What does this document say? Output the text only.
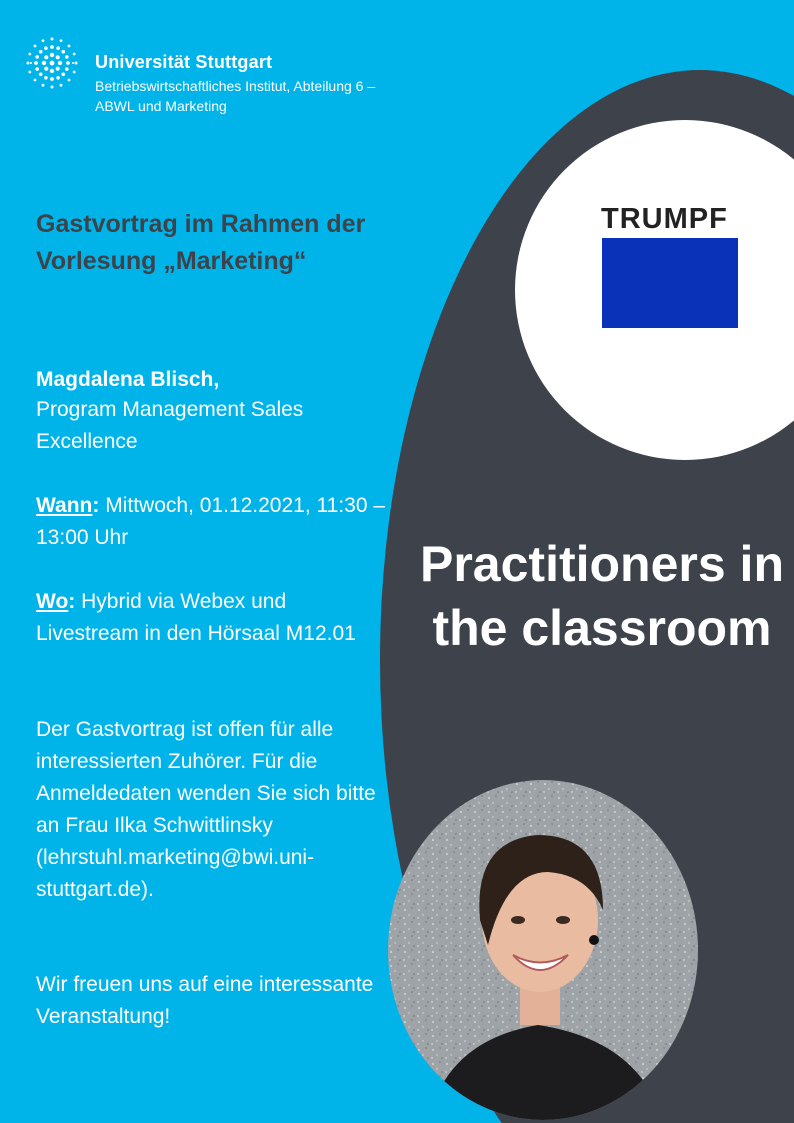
Universität Stuttgart
Betriebswirtschaftliches Institut, Abteilung 6 –
ABWL und Marketing
Gastvortrag im Rahmen der Vorlesung „Marketing“
Magdalena Blisch,
Program Management Sales Excellence
Wann: Mittwoch, 01.12.2021, 11:30 – 13:00 Uhr
Wo: Hybrid via Webex und Livestream in den Hörsaal M12.01
Der Gastvortrag ist offen für alle interessierten Zuhörer. Für die Anmeldedaten wenden Sie sich bitte an Frau Ilka Schwittlinsky (lehrstuhl.marketing@bwi.uni-stuttgart.de).
Wir freuen uns auf eine interessante Veranstaltung!
TRUMPF
Practitioners in the classroom
